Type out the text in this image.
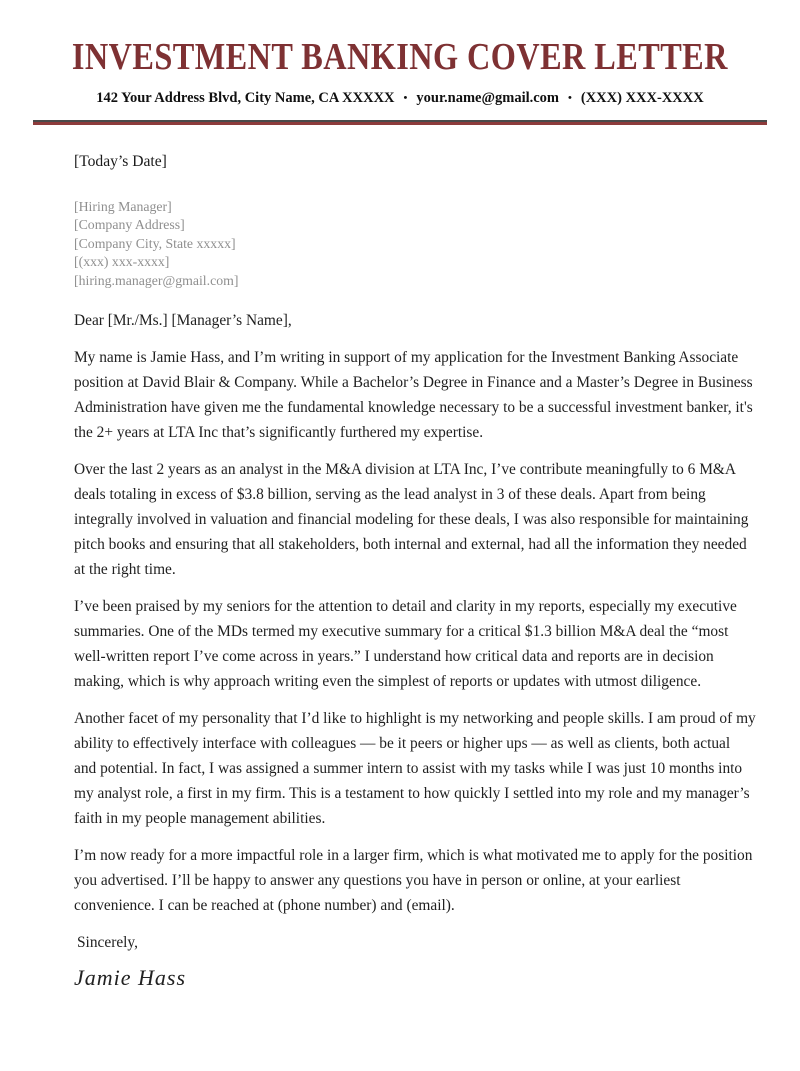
INVESTMENT BANKING COVER LETTER
142 Your Address Blvd, City Name, CA XXXXX • your.name@gmail.com • (XXX) XXX-XXXX

[Today’s Date]

[Hiring Manager]
[Company Address]
[Company City, State xxxxx]
[(xxx) xxx-xxxx]
[hiring.manager@gmail.com]

Dear [Mr./Ms.] [Manager’s Name],

My name is Jamie Hass, and I’m writing in support of my application for the Investment Banking Associate position at David Blair & Company. While a Bachelor’s Degree in Finance and a Master’s Degree in Business Administration have given me the fundamental knowledge necessary to be a successful investment banker, it's the 2+ years at LTA Inc that’s significantly furthered my expertise.

Over the last 2 years as an analyst in the M&A division at LTA Inc, I’ve contribute meaningfully to 6 M&A deals totaling in excess of $3.8 billion, serving as the lead analyst in 3 of these deals. Apart from being integrally involved in valuation and financial modeling for these deals, I was also responsible for maintaining pitch books and ensuring that all stakeholders, both internal and external, had all the information they needed at the right time.

I’ve been praised by my seniors for the attention to detail and clarity in my reports, especially my executive summaries. One of the MDs termed my executive summary for a critical $1.3 billion M&A deal the “most well-written report I’ve come across in years.” I understand how critical data and reports are in decision making, which is why approach writing even the simplest of reports or updates with utmost diligence.

Another facet of my personality that I’d like to highlight is my networking and people skills. I am proud of my ability to effectively interface with colleagues — be it peers or higher ups — as well as clients, both actual and potential. In fact, I was assigned a summer intern to assist with my tasks while I was just 10 months into my analyst role, a first in my firm. This is a testament to how quickly I settled into my role and my manager’s faith in my people management abilities.

I’m now ready for a more impactful role in a larger firm, which is what motivated me to apply for the position you advertised. I’ll be happy to answer any questions you have in person or online, at your earliest convenience. I can be reached at (phone number) and (email).

Sincerely,

Jamie Hass
